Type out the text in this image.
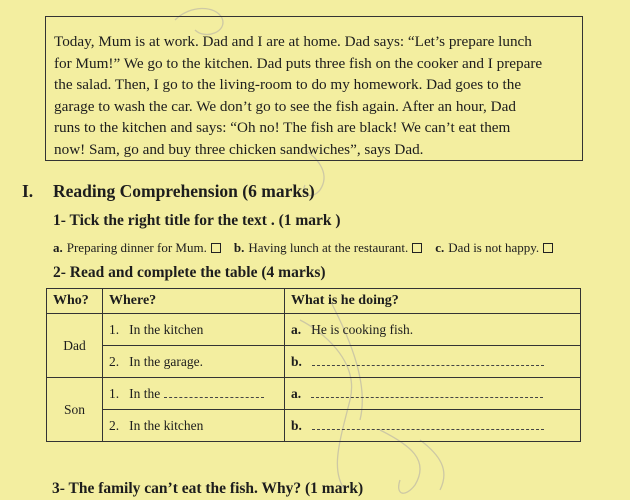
Today, Mum is at work. Dad and I are at home. Dad says: “Let’s prepare lunch

for Mum!” We go to the kitchen. Dad puts three fish on the cooker and I prepare

the salad. Then, I go to the living-room to do my homework. Dad goes to the

garage to wash the car. We don’t go to see the fish again. After an hour, Dad

runs to the kitchen and says: “Oh no! The fish are black! We can’t eat them

now! Sam, go and buy three chicken sandwiches”, says Dad.

I. Reading Comprehension (6 marks)
1- Tick the right title for the text . (1 mark )
a. Preparing dinner for Mum. b. Having lunch at the restaurant. c. Dad is not happy.
2- Read and complete the table (4 marks)
Who?	Where?	What is he doing?
Dad	1. In the kitchen	a. He is cooking fish.
	2. In the garage.	b.
Son	1. In the	a.
	2. In the kitchen	b.
3- The family can’t eat the fish. Why? (1 mark)
